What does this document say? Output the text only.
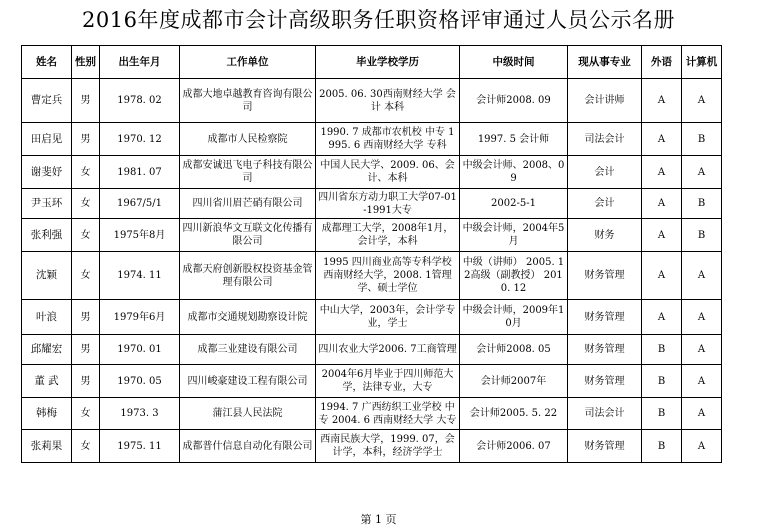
2016年度成都市会计高级职务任职资格评审通过人员公示名册
姓名	性别	出生年月	工作单位	毕业学校学历	中级时间	现从事专业	外语	计算机
曹定兵	男	1978. 02	成都大地卓越教育咨询有限公司	2005. 06. 30西南财经大学 会计 本科	会计师2008. 09	会计讲师	A	A
田启见	男	1970. 12	成都市人民检察院	1990. 7 成都市农机校 中专 1995. 6 西南财经大学 专科	1997. 5 会计师	司法会计	A	B
谢斐妤	女	1981. 07	成都安诚迅飞电子科技有限公司	中国人民大学、2009. 06、会计、本科	中级会计师、2008、09	会计	A	A
尹玉环	女	1967/5/1	四川省川眉芒硝有限公司	四川省东方动力职工大学07-01-1991大专	2002-5-1	会计	A	B
张利强	女	1975年8月	四川新浪华文互联文化传播有限公司	成都理工大学，2008年1月，会计学，本科	中级会计师，2004年5月	财务	A	B
沈颖	女	1974. 11	成都天府创新股权投资基金管理有限公司	1995 四川商业高等专科学校 西南财经大学，2008. 1管理学、硕士学位	中级（讲师） 2005. 12高级（副教授） 2010. 12	财务管理	A	A
叶浪	男	1979年6月	成都市交通规划勘察设计院	中山大学，2003年，会计学专业，学士	中级会计师，2009年10月	财务管理	A	A
邱耀宏	男	1970. 01	成都三业建设有限公司	四川农业大学2006. 7工商管理	会计师2008. 05	财务管理	B	A
董 武	男	1970. 05	四川峻豪建设工程有限公司	2004年6月毕业于四川师范大学，法律专业，大专	会计师2007年	财务管理	B	A
韩梅	女	1973. 3	蒲江县人民法院	1994. 7 广西纺织工业学校 中专 2004. 6 西南财经大学 大专	会计师2005. 5. 22	司法会计	B	A
张莉果	女	1975. 11	成都普什信息自动化有限公司	西南民族大学，1999. 07，会计学，本科，经济学学士	会计师2006. 07	财务管理	B	A
第 1 页
